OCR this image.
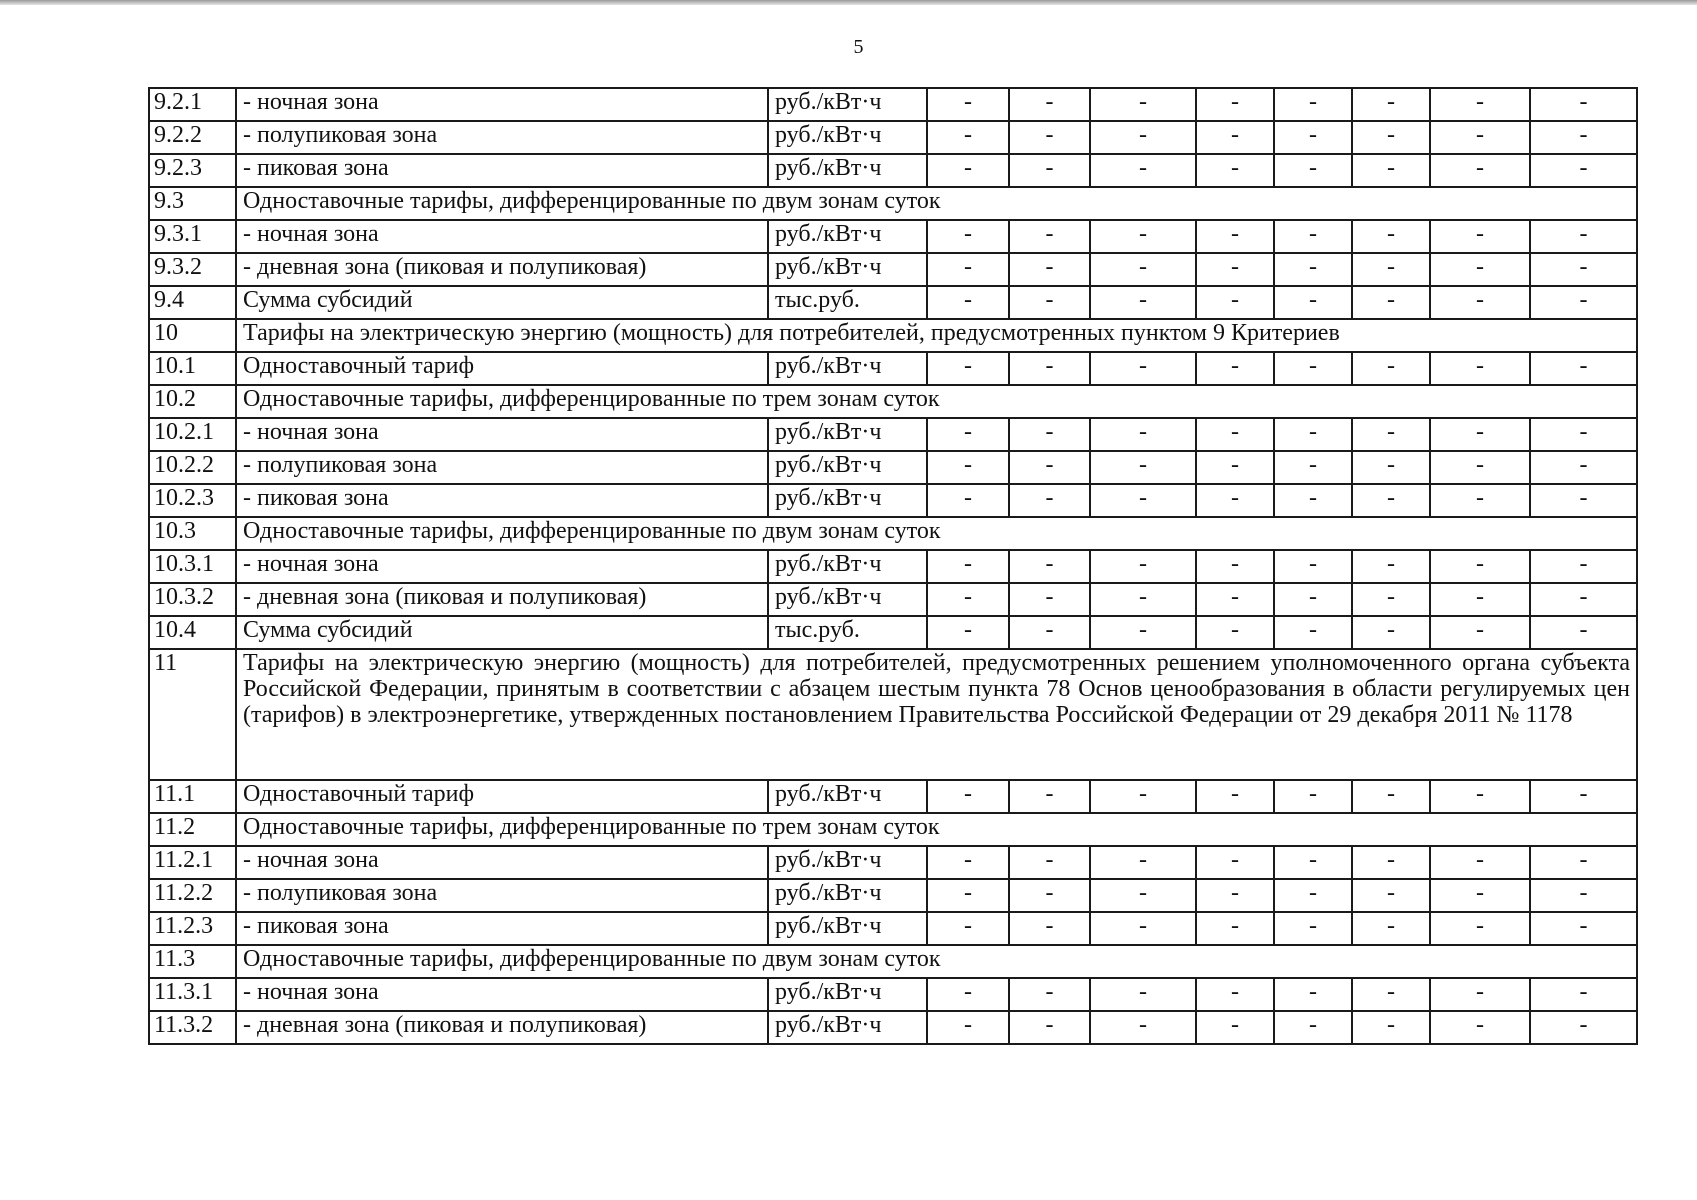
5
9.2.1	- ночная зона	руб./кВт·ч	-	-	-	-	-	-	-	-
9.2.2	- полупиковая зона	руб./кВт·ч	-	-	-	-	-	-	-	-
9.2.3	- пиковая зона	руб./кВт·ч	-	-	-	-	-	-	-	-
9.3	Одноставочные тарифы, дифференцированные по двум зонам суток									
9.3.1	- ночная зона	руб./кВт·ч	-	-	-	-	-	-	-	-
9.3.2	- дневная зона (пиковая и полупиковая)	руб./кВт·ч	-	-	-	-	-	-	-	-
9.4	Сумма субсидий	тыс.руб.	-	-	-	-	-	-	-	-
10	Тарифы на электрическую энергию (мощность) для потребителей, предусмотренных пунктом 9 Критериев									
10.1	Одноставочный тариф	руб./кВт·ч	-	-	-	-	-	-	-	-
10.2	Одноставочные тарифы, дифференцированные по трем зонам суток									
10.2.1	- ночная зона	руб./кВт·ч	-	-	-	-	-	-	-	-
10.2.2	- полупиковая зона	руб./кВт·ч	-	-	-	-	-	-	-	-
10.2.3	- пиковая зона	руб./кВт·ч	-	-	-	-	-	-	-	-
10.3	Одноставочные тарифы, дифференцированные по двум зонам суток									
10.3.1	- ночная зона	руб./кВт·ч	-	-	-	-	-	-	-	-
10.3.2	- дневная зона (пиковая и полупиковая)	руб./кВт·ч	-	-	-	-	-	-	-	-
10.4	Сумма субсидий	тыс.руб.	-	-	-	-	-	-	-	-
11	Тарифы на электрическую энергию (мощность) для потребителей, предусмотренных решением уполномоченного органа субъекта Российской Федерации, принятым в соответствии с абзацем шестым пункта 78 Основ ценообразования в области регулируемых цен (тарифов) в электроэнергетике, утвержденных постановлением Правительства Российской Федерации от 29 декабря 2011 № 1178									
11.1	Одноставочный тариф	руб./кВт·ч	-	-	-	-	-	-	-	-
11.2	Одноставочные тарифы, дифференцированные по трем зонам суток									
11.2.1	- ночная зона	руб./кВт·ч	-	-	-	-	-	-	-	-
11.2.2	- полупиковая зона	руб./кВт·ч	-	-	-	-	-	-	-	-
11.2.3	- пиковая зона	руб./кВт·ч	-	-	-	-	-	-	-	-
11.3	Одноставочные тарифы, дифференцированные по двум зонам суток									
11.3.1	- ночная зона	руб./кВт·ч	-	-	-	-	-	-	-	-
11.3.2	- дневная зона (пиковая и полупиковая)	руб./кВт·ч	-	-	-	-	-	-	-	-
